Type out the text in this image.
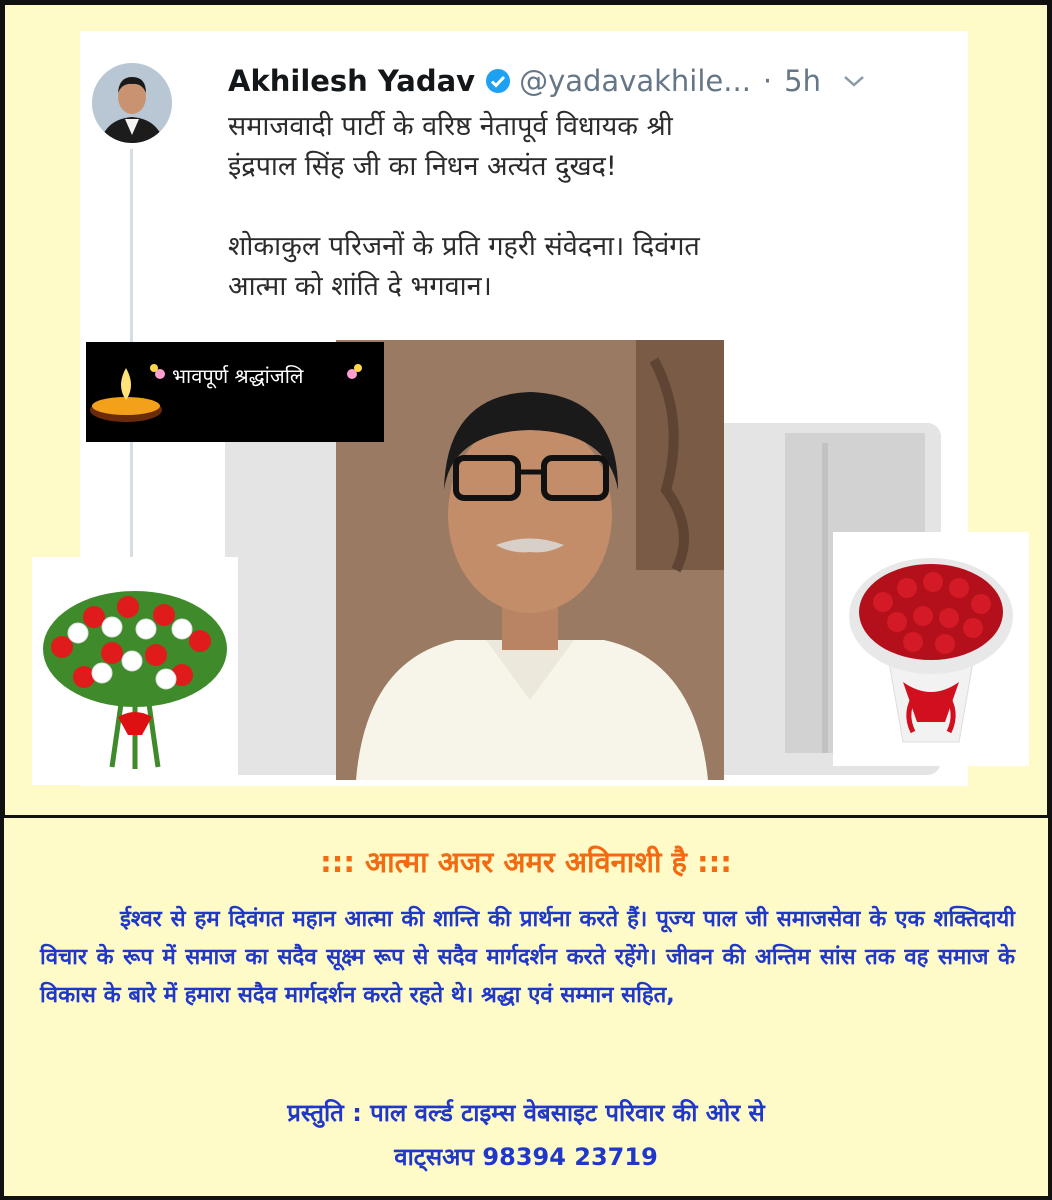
Akhilesh Yadav @yadavakhile... · 5h

समाजवादी पार्टी के वरिष्ठ नेतापूर्व विधायक श्री

इंद्रपाल सिंह जी का निधन अत्यंत दुखद!

शोकाकुल परिजनों के प्रति गहरी संवेदना। दिवंगत

आत्मा को शांति दे भगवान।

भावपूर्ण श्रद्धांजलि
::: आत्मा अजर अमर अविनाशी है :::
ईश्वर से हम दिवंगत महान आत्मा की शान्ति की प्रार्थना करते हैं। पूज्य पाल जी समाजसेवा के एक शक्तिदायी विचार के रूप में समाज का सदैव सूक्ष्म रूप से सदैव मार्गदर्शन करते रहेंगे। जीवन की अन्तिम सांस तक वह समाज के विकास के बारे में हमारा सदैव मार्गदर्शन करते रहते थे। श्रद्धा एवं सम्मान सहित,
प्रस्तुति : पाल वर्ल्ड टाइम्स वेबसाइट परिवार की ओर से
वाट्सअप 98394 23719
